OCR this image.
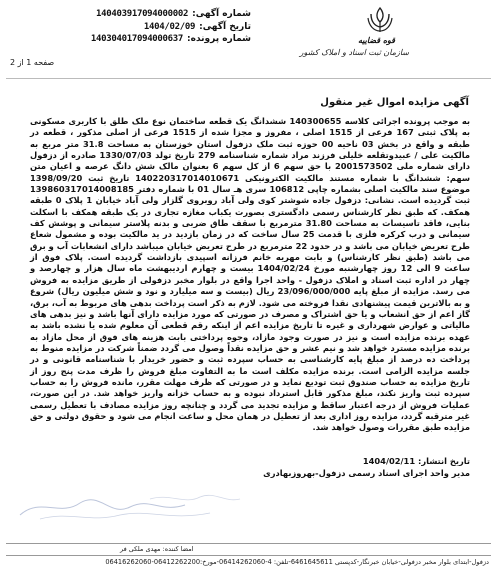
شماره آگهی:
140403917094000002
تاریخ آگهی:
1404/02/09
شماره پرونده:
140304017094000637
صفحه 1 از 2
قوه قضاییه
سازمان ثبت اسناد و املاک کشور
آگهی مزایده اموال غیر منقول
به موجب پرونده اجرائی کلاسه 140300655 ششدانگ یک قطعه ساختمان نوع ملک طلق با کاربری مسکونی به پلاک ثبتی 167 فرعی از 1515 اصلی ، مفروز و مجزا شده از 1515 فرعی از اصلی مذکور ، قطعه در طبقه و واقع در بخش 03 ناحیه 00 حوزه ثبت ملک دزفول استان خوزستان به مساحت 31.8 متر مربع به مالکیت علی / عبیدوتقلعه خلیلی فرزند مراد شماره شناسنامه 279 تاریخ تولد 1330/07/03 صادره از دزفول دارای شماره ملی 2001573502 با حق سهم 6 از کل سهم 6 بعنوان مالک شش دانگ عرصه و اعیان متن سهم: ششدانگ با شماره مستند مالکیت الکترونیکی 140220317014010671 تاریخ ثبت 1398/09/20 موضوع سند مالکیت اصلی بشماره چاپی 106812 سری هـ سال 01 با شماره دفتر 139860317014008185 ثبت گردیده است. نشانی: دزفول جاده شوشتر کوی ولی آباد روبروی گلزار ولی آباد خیابان 1 پلاک 0 طبقه همکف. که طبق نظر کارشناس رسمی دادگستری بصورت یکباب مغازه تجاری در یک طبقه همکف با اسکلت بنایی، فاقد تاسیسات به مساحت 31.80 مترمربع با سقف طاق ضربی و بدنه پلاستر سیمانی و پوشش کف سیمانی و درب کرکره فلزی با قدمت 25 سال ساخت که در زمان بازدید در ید مالکیت بوده و مشمول شعاع طرح تعریض خیابان می باشد و در حدود 22 مترمربع در طرح تعریض خیابان میباشد دارای انشعابات آب و برق می باشد (طبق نظر کارشناس) و بابت مهریه خانم فرزانه اسپیدی بازداشت گردیده است. پلاک فوق از ساعت 9 الی 12 روز چهارشنبه مورخ 1404/02/24 بیست و چهارم اردیبهشت ماه سال هزار و چهارصد و چهار در اداره ثبت اسناد و املاک دزفول - واحد اجرا واقع در بلوار مخبر دزفولی از طریق مزایده به فروش می رسد. مزایده از مبلغ پایه 23/096/000/000 ریال (بیست و سه میلیارد و نود و شش میلیون ریال) شروع و به بالاترین قیمت پیشنهادی نقدا فروخته می شود. لازم به ذکر است پرداخت بدهی های مربوط به آب، برق، گاز اعم از حق انشعاب و یا حق اشتراک و مصرف در صورتی که مورد مزایده دارای آنها باشد و نیز بدهی های مالیاتی و عوارض شهرداری و غیره تا تاریخ مزایده اعم از اینکه رقم قطعی آن معلوم شده یا نشده باشد به عهده برنده مزایده است و نیز در صورت وجود مازاد، وجوه پرداختی بابت هزینه های فوق از محل مازاد به برنده مزایده مسترد خواهد شد و نیم عشر و حق مزایده نقداً وصول می گردد ضمناً شرکت در مزایده منوط به پرداخت ده درصد از مبلغ پایه کارشناسی به حساب سپرده ثبت و حضور خریدار با شناسنامه قانونی و در جلسه مزایده الزامی است. برنده مزایده مکلف است ما به التفاوت مبلغ فروش را ظرف مدت پنج روز از تاریخ مزایده به حساب صندوق ثبت تودیع نماید و در صورتی که ظرف مهلت مقرر، مانده فروش را به حساب سپرده ثبت واریز نکند، مبلغ مذکور قابل استرداد نبوده و به حساب خزانه واریز خواهد شد. در این صورت، عملیات فروش از درجه اعتبار ساقط و مزایده تجدید می گردد و چنانچه روز مزایده مصادف با تعطیل رسمی غیر مترقبه گردد، مزایده روز اداری بعد از تعطیل در همان محل و ساعت انجام می شود و حقوق دولتی و حق مزایده طبق مقررات وصول خواهد شد.
تاریخ انتشار: 1404/02/11
مدیر واحد اجرای اسناد رسمی دزفول-بهروزبهادری
امضا کننده: مهدی ملکی فر
دزفول-ابتدای بلوار مخبر دزفولی-خیابان خبرنگار-کدپستی 6461645611-تلفن: 4-06414262060-مورخ:06412262200-06416262060
